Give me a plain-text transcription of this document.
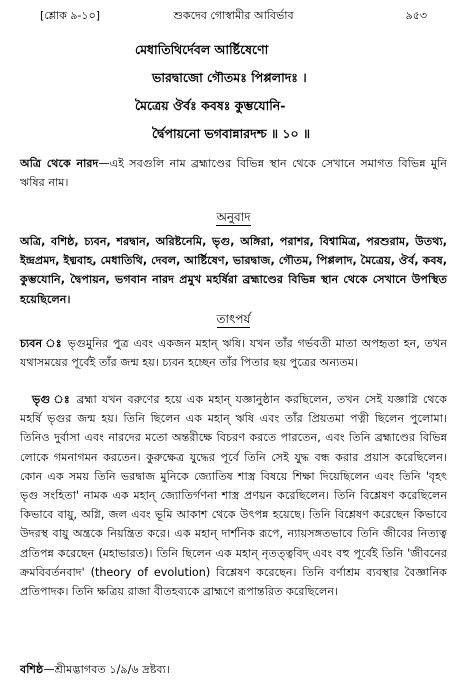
[শ্লোক ৯-১০]	শুকদেব গোস্বামীর আবির্ভাব	৯৫৩
মেধাতিথির্দেবল আর্ষ্টিষেণো
ভারদ্বাজো গৌতমঃ পিপ্পলাদঃ ।
মৈত্রেয় ঔর্বঃ কবষঃ কুম্ভযোনি-
র্দ্বৈপায়নো ভগবান্নারদশ্চ ॥ ১০ ॥
অত্রি থেকে নারদ—এই সবগুলি নাম ব্রহ্মাণ্ডের বিভিন্ন স্থান থেকে সেখানে সমাগত বিভিন্ন মুনি ঋষির নাম।
অনুবাদ
অত্রি, বশিষ্ঠ, চ্যবন, শরদ্বান, অরিষ্টনেমি, ভৃগু, অঙ্গিরা, পরাশর, বিশ্বামিত্র, পরশুরাম, উতথ্য, ইন্দ্রপ্রমদ, ইধ্মবাহ, মেধাতিথি, দেবল, আর্ষ্টিষেণ, ভারদ্বাজ, গৌতম, পিপ্পলাদ, মৈত্রেয়, ঔর্ব, কবষ, কুম্ভযোনি, দ্বৈপায়ন, ভগবান নারদ প্রমুখ মহর্ষিরা ব্রহ্মাণ্ডের বিভিন্ন স্থান থেকে সেখানে উপস্থিত হয়েছিলেন।
তাৎপর্য
চ্যবন ঃ ভৃগুমুনির পুত্র এবং একজন মহান্ ঋষি। যখন তাঁর গর্ভবতী মাতা অপহৃতা হন, তখন যথাসময়ের পূর্বেই তাঁর জন্ম হয়। চ্যবন হচ্ছেন তাঁর পিতার ছয় পুত্রের অন্যতম।
ভৃগু ঃ ব্রহ্মা যখন বরুণের হয়ে এক মহান্ যজ্ঞানুষ্ঠান করছিলেন, তখন সেই যজ্ঞাগ্নি থেকে মহর্ষি ভৃগুর জন্ম হয়। তিনি ছিলেন এক মহান্ ঋষি এবং তাঁর প্রিয়তমা পত্নী ছিলেন পুলোমা। তিনিও দুর্বাসা এবং নারদের মতো অন্তরীক্ষে বিচরণ করতে পারতেন, এবং তিনি ব্রহ্মাণ্ডের বিভিন্ন লোকে গমনাগমন করতেন। কুরুক্ষেত্র যুদ্ধের পূর্বে তিনি সেই যুদ্ধ বন্ধ করার প্রয়াস করেছিলেন। কোন এক সময় তিনি ভরদ্বাজ মুনিকে জ্যোতিষ শাস্ত্র বিষয়ে শিক্ষা দিয়েছিলেন এবং তিনি 'বৃহৎ ভৃগু সংহিতা' নামক এক মহান্ জ্যোতির্গণনা শাস্ত্র প্রণয়ন করেছিলেন। তিনি বিশ্লেষণ করেছিলেন কিভাবে বায়ু, অগ্নি, জল এবং ভূমি আকাশ থেকে উৎপন্ন হয়েছে। তিনি বিশ্লেষণ করেছেন কিভাবে উদরস্থ বায়ু অন্ত্রকে নিয়ন্ত্রিত করে। এক মহান্ দার্শনিক রূপে, ন্যায়সঙ্গতভাবে তিনি জীবের নিত্যত্ব প্রতিপন্ন করেছেন (মহাভারত)। তিনি ছিলেন এক মহান্ নৃতত্ত্ববিদ্ এবং বহু পূর্বেই তিনি 'জীবনের ক্রমবিবর্তনবাদ' (theory of evolution) বিশ্লেষণ করেছেন। তিনি বর্ণাশ্রম ব্যবস্থার বৈজ্ঞানিক প্রতিপাদক। তিনি ক্ষত্রিয় রাজা বীতহব্যকে ব্রাহ্মণে রূপান্তরিত করেছিলেন।
বশিষ্ঠ—শ্রীমদ্ভাগবত ১/৯/৬ দ্রষ্টব্য।
